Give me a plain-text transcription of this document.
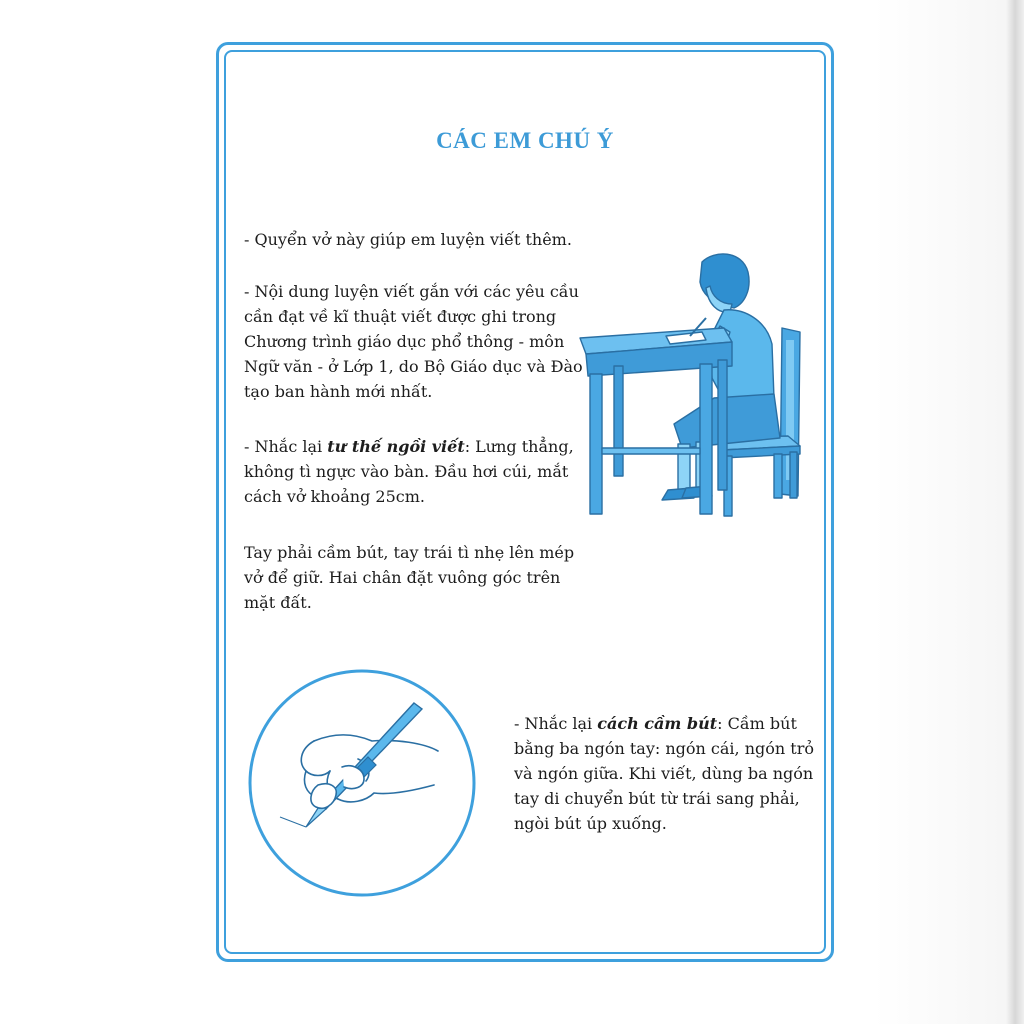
CÁC EM CHÚ Ý

- Quyển vở này giúp em luyện viết thêm.

- Nội dung luyện viết gắn với các yêu cầu cần đạt về kĩ thuật viết được ghi trong Chương trình giáo dục phổ thông - môn Ngữ văn - ở Lớp 1, do Bộ Giáo dục và Đào tạo ban hành mới nhất.

- Nhắc lại tư thế ngồi viết: Lưng thẳng, không tì ngực vào bàn. Đầu hơi cúi, mắt cách vở khoảng 25cm.

Tay phải cầm bút, tay trái tì nhẹ lên mép vở để giữ. Hai chân đặt vuông góc trên mặt đất.

- Nhắc lại cách cầm bút: Cầm bút bằng ba ngón tay: ngón cái, ngón trỏ và ngón giữa. Khi viết, dùng ba ngón tay di chuyển bút từ trái sang phải, ngòi bút úp xuống.
